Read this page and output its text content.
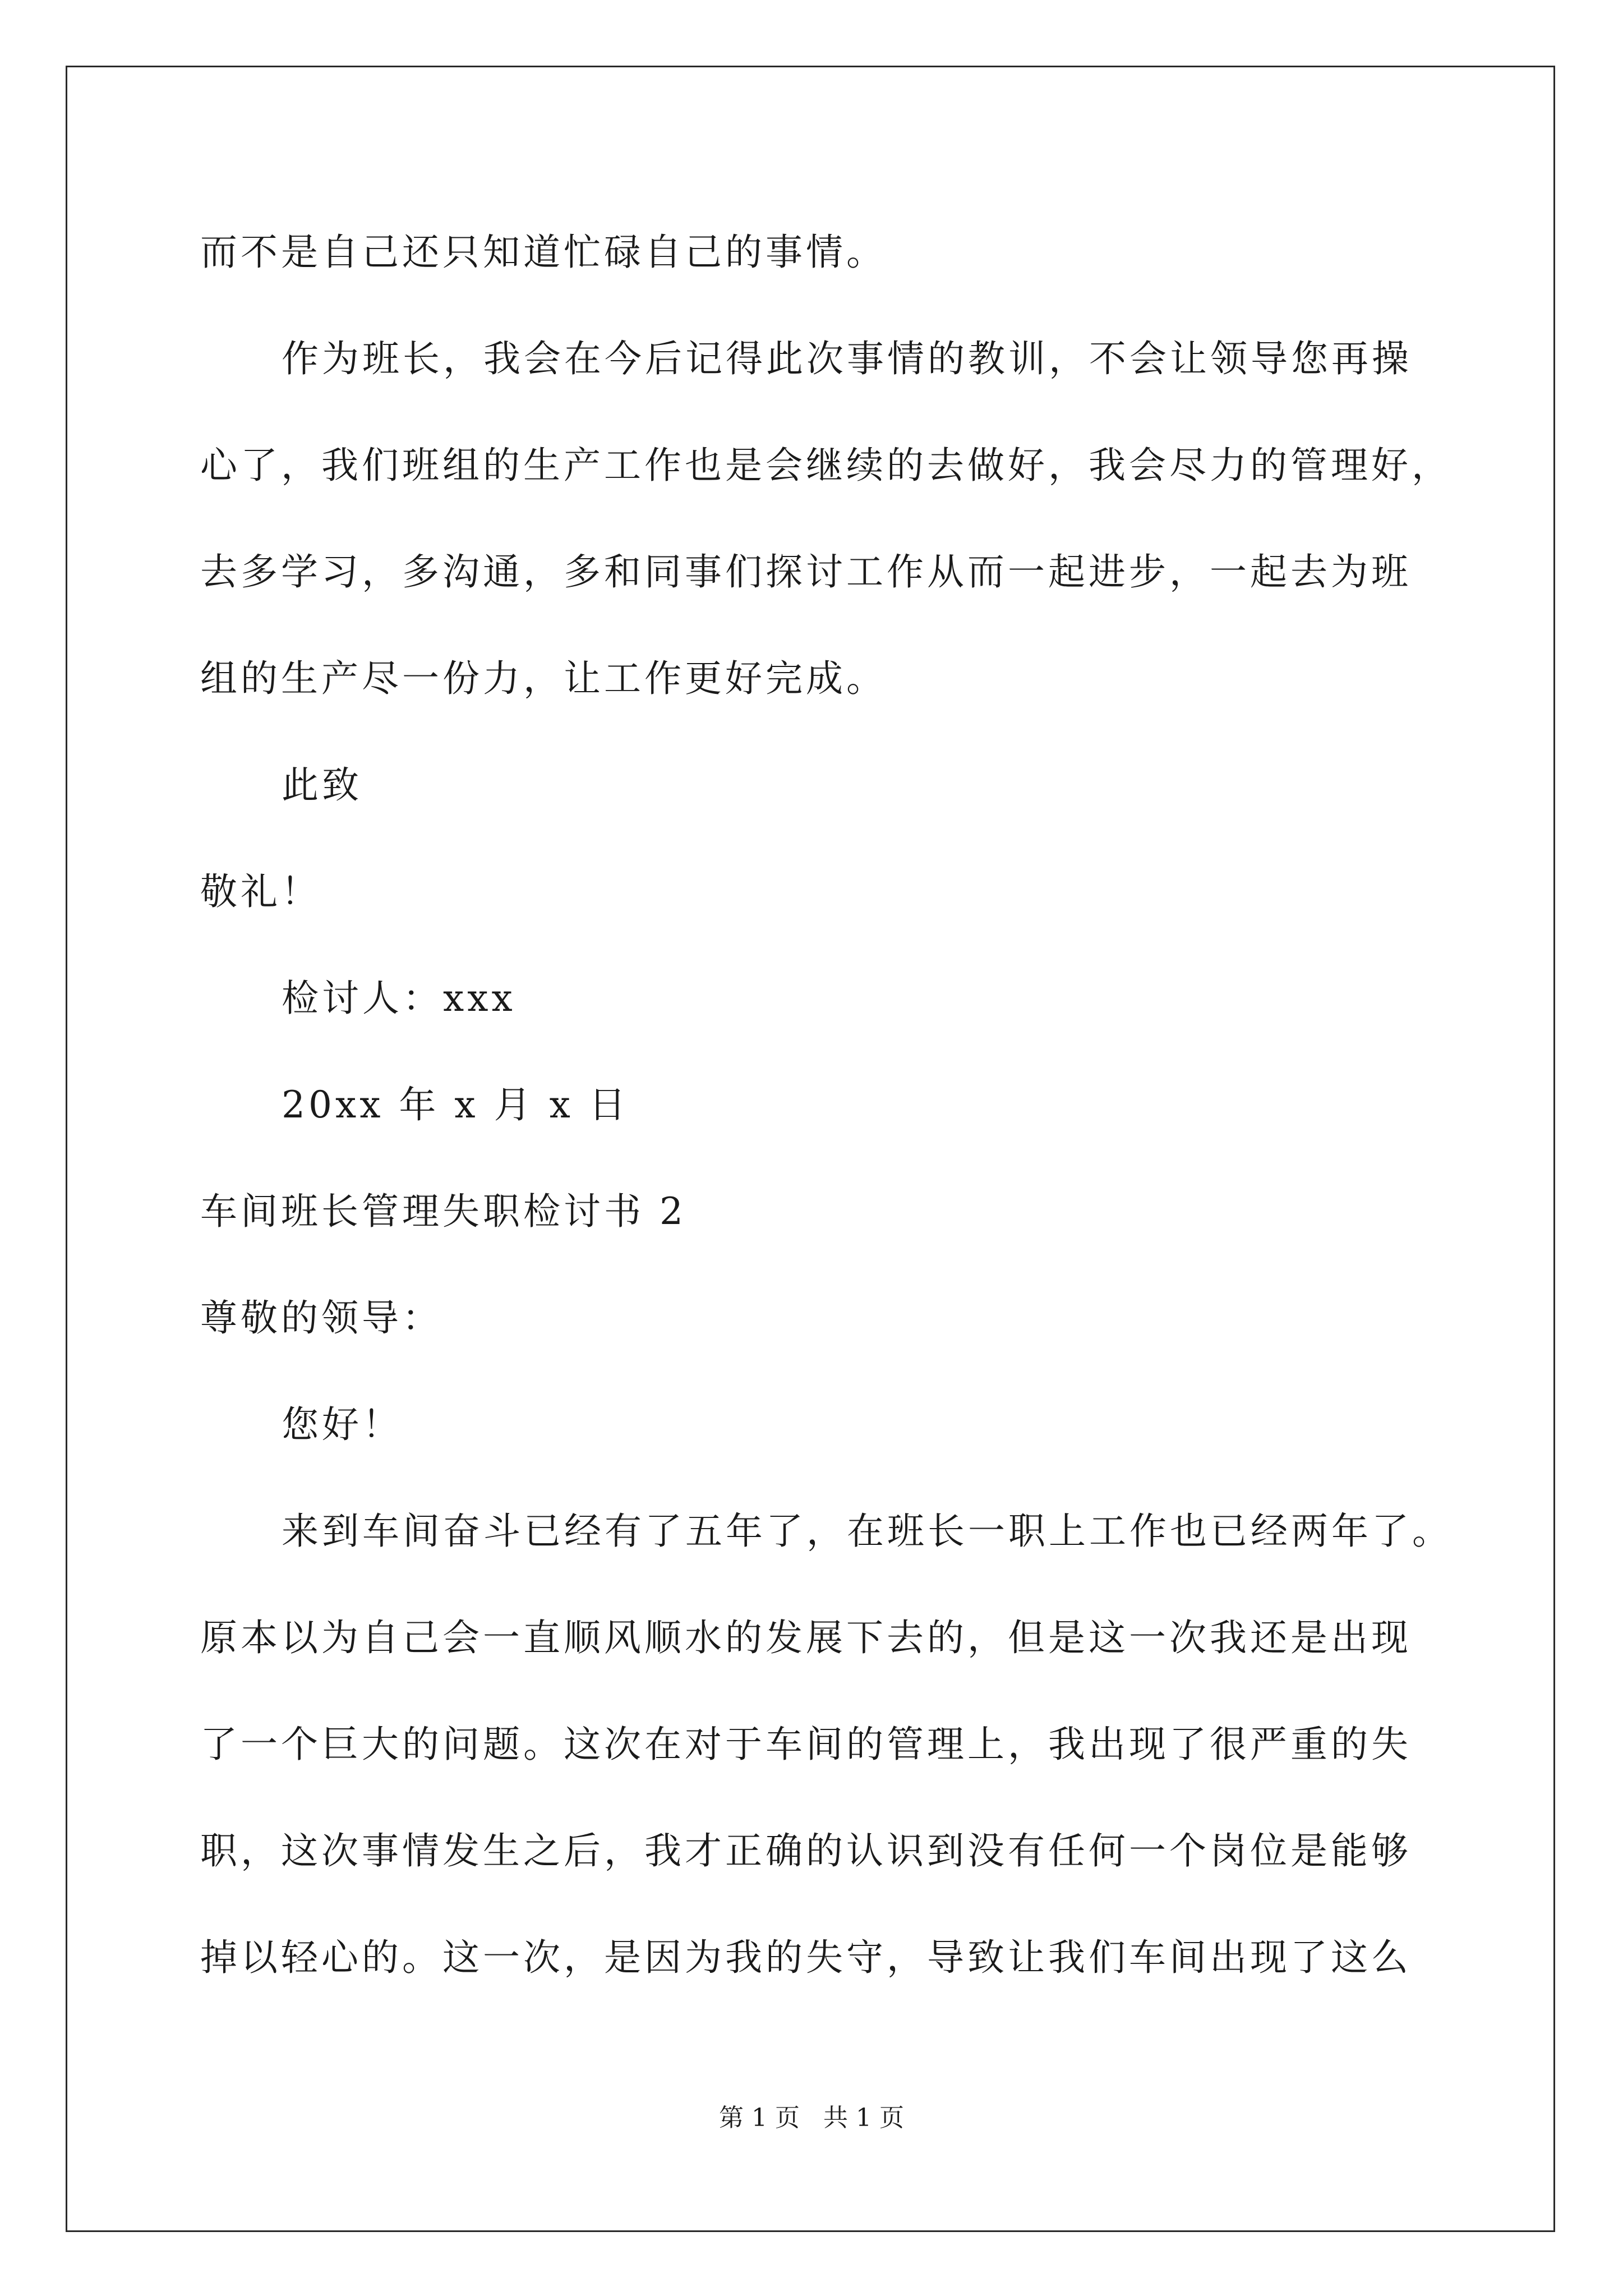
而不是自己还只知道忙碌自己的事情。
作为班长，我会在今后记得此次事情的教训，不会让领导您再操
心了，我们班组的生产工作也是会继续的去做好，我会尽力的管理好，
去多学习，多沟通，多和同事们探讨工作从而一起进步，一起去为班
组的生产尽一份力，让工作更好完成。
此致
敬礼！
检讨人：xxx
20xx 年 x 月 x 日
车间班长管理失职检讨书 2
尊敬的领导：
您好！
来到车间奋斗已经有了五年了，在班长一职上工作也已经两年了。
原本以为自己会一直顺风顺水的发展下去的，但是这一次我还是出现
了一个巨大的问题。这次在对于车间的管理上，我出现了很严重的失
职，这次事情发生之后，我才正确的认识到没有任何一个岗位是能够
掉以轻心的。这一次，是因为我的失守，导致让我们车间出现了这么
第 1 页   共 1 页
